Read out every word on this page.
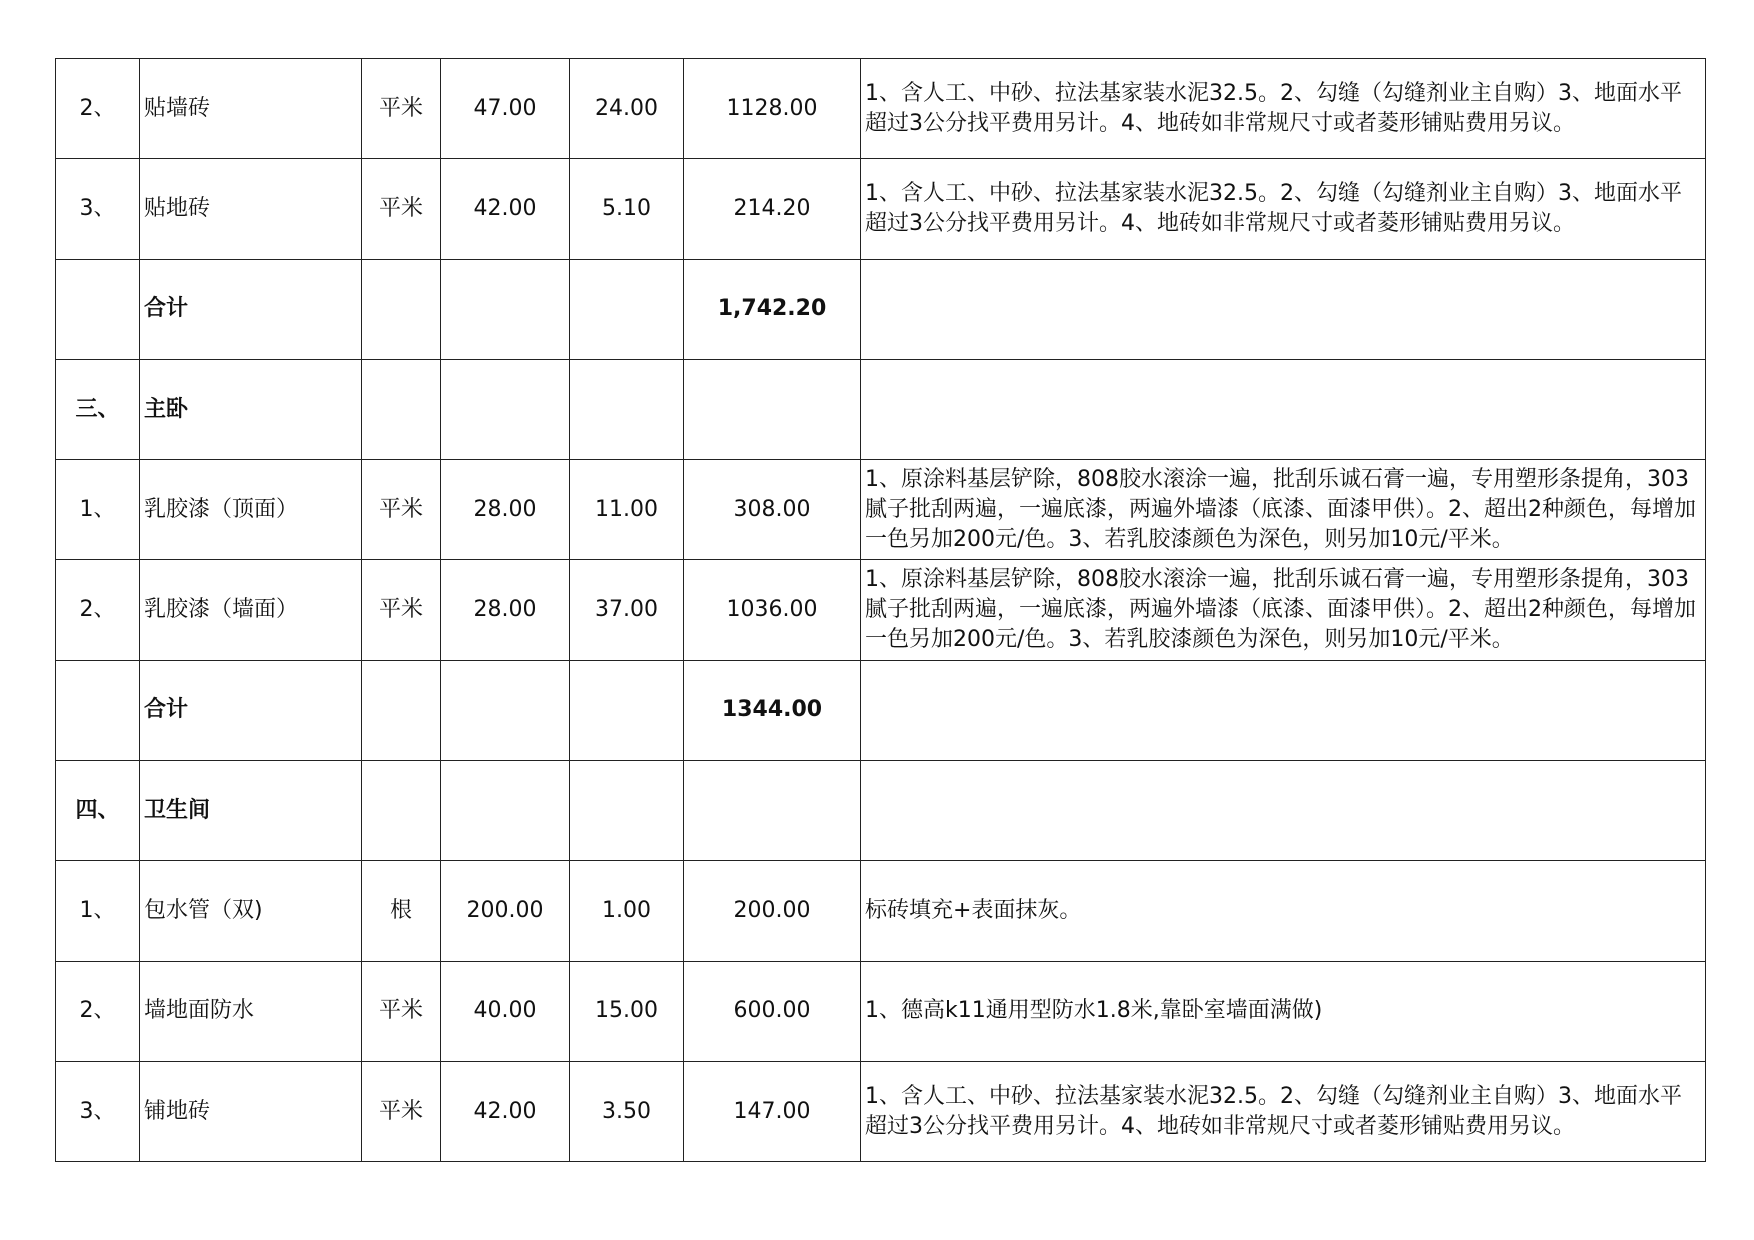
2、	贴墙砖	平米	47.00	24.00	1128.00	1、含人工、中砂、拉法基家装水泥32.5。2、勾缝（勾缝剂业主自购）3、地面水平超过3公分找平费用另计。4、地砖如非常规尺寸或者菱形铺贴费用另议。
3、	贴地砖	平米	42.00	5.10	214.20	1、含人工、中砂、拉法基家装水泥32.5。2、勾缝（勾缝剂业主自购）3、地面水平超过3公分找平费用另计。4、地砖如非常规尺寸或者菱形铺贴费用另议。
	合计				1,742.20	
三、	主卧					
1、	乳胶漆（顶面）	平米	28.00	11.00	308.00	1、原涂料基层铲除，808胶水滚涂一遍，批刮乐诚石膏一遍，专用塑形条提角，303腻子批刮两遍，一遍底漆，两遍外墙漆（底漆、面漆甲供）。2、超出2种颜色，每增加一色另加200元/色。3、若乳胶漆颜色为深色，则另加10元/平米。
2、	乳胶漆（墙面）	平米	28.00	37.00	1036.00	1、原涂料基层铲除，808胶水滚涂一遍，批刮乐诚石膏一遍，专用塑形条提角，303腻子批刮两遍，一遍底漆，两遍外墙漆（底漆、面漆甲供）。2、超出2种颜色，每增加一色另加200元/色。3、若乳胶漆颜色为深色，则另加10元/平米。
	合计				1344.00	
四、	卫生间					
1、	包水管（双)	根	200.00	1.00	200.00	标砖填充+表面抹灰。
2、	墙地面防水	平米	40.00	15.00	600.00	1、德高k11通用型防水1.8米,靠卧室墙面满做)
3、	铺地砖	平米	42.00	3.50	147.00	1、含人工、中砂、拉法基家装水泥32.5。2、勾缝（勾缝剂业主自购）3、地面水平超过3公分找平费用另计。4、地砖如非常规尺寸或者菱形铺贴费用另议。
